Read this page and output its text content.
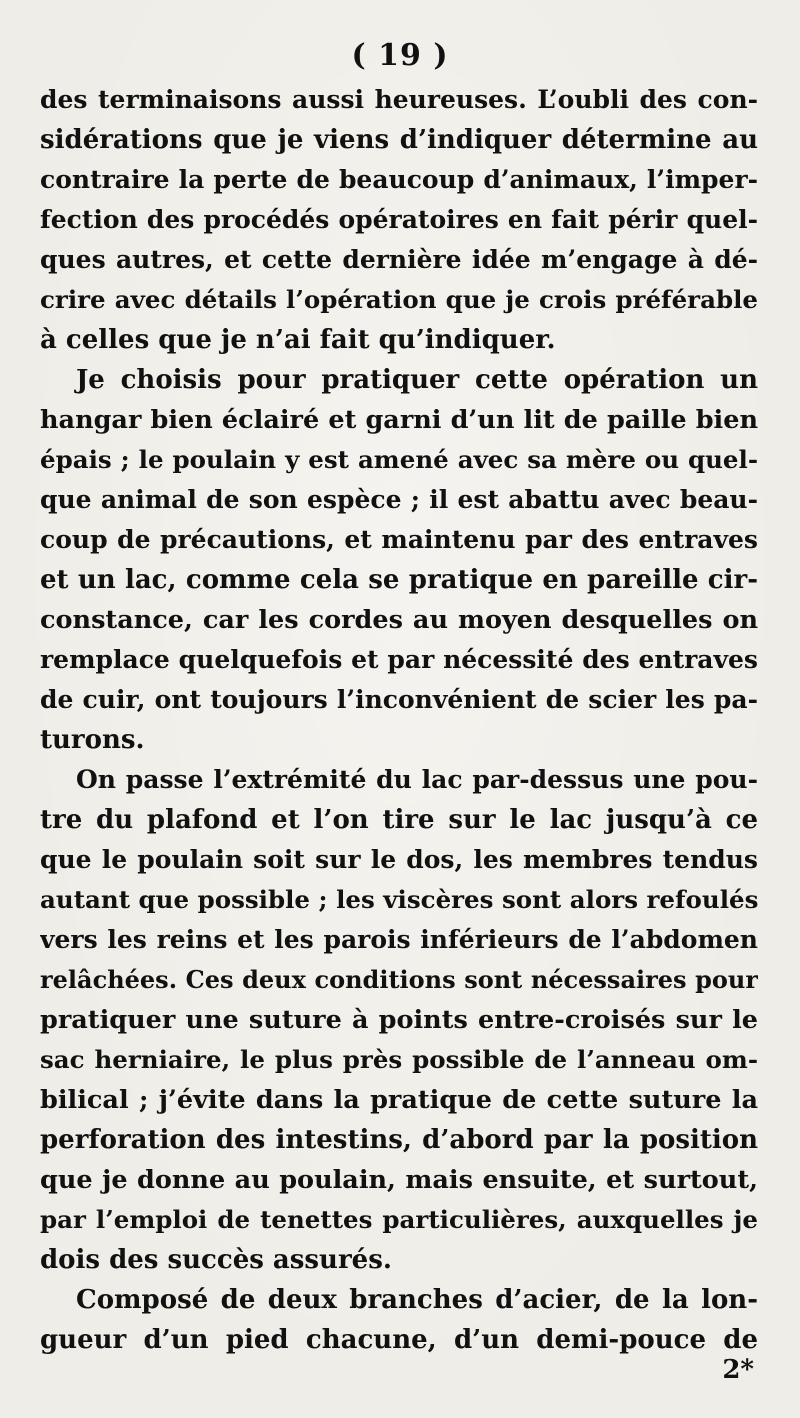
( 19 )
des terminaisons aussi heureuses. L’oubli des con-
sidérations que je viens d’indiquer détermine au
contraire la perte de beaucoup d’animaux, l’imper-
fection des procédés opératoires en fait périr quel-
ques autres, et cette dernière idée m’engage à dé-
crire avec détails l’opération que je crois préférable
à celles que je n’ai fait qu’indiquer.
Je choisis pour pratiquer cette opération un
hangar bien éclairé et garni d’un lit de paille bien
épais ; le poulain y est amené avec sa mère ou quel-
que animal de son espèce ; il est abattu avec beau-
coup de précautions, et maintenu par des entraves
et un lac, comme cela se pratique en pareille cir-
constance, car les cordes au moyen desquelles on
remplace quelquefois et par nécessité des entraves
de cuir, ont toujours l’inconvénient de scier les pa-
turons.
On passe l’extrémité du lac par-dessus une pou-
tre du plafond et l’on tire sur le lac jusqu’à ce
que le poulain soit sur le dos, les membres tendus
autant que possible ; les viscères sont alors refoulés
vers les reins et les parois inférieurs de l’abdomen
relâchées. Ces deux conditions sont nécessaires pour
pratiquer une suture à points entre-croisés sur le
sac herniaire, le plus près possible de l’anneau om-
bilical ; j’évite dans la pratique de cette suture la
perforation des intestins, d’abord par la position
que je donne au poulain, mais ensuite, et surtout,
par l’emploi de tenettes particulières, auxquelles je
dois des succès assurés.
Composé de deux branches d’acier, de la lon-
gueur d’un pied chacune, d’un demi-pouce de
2*
